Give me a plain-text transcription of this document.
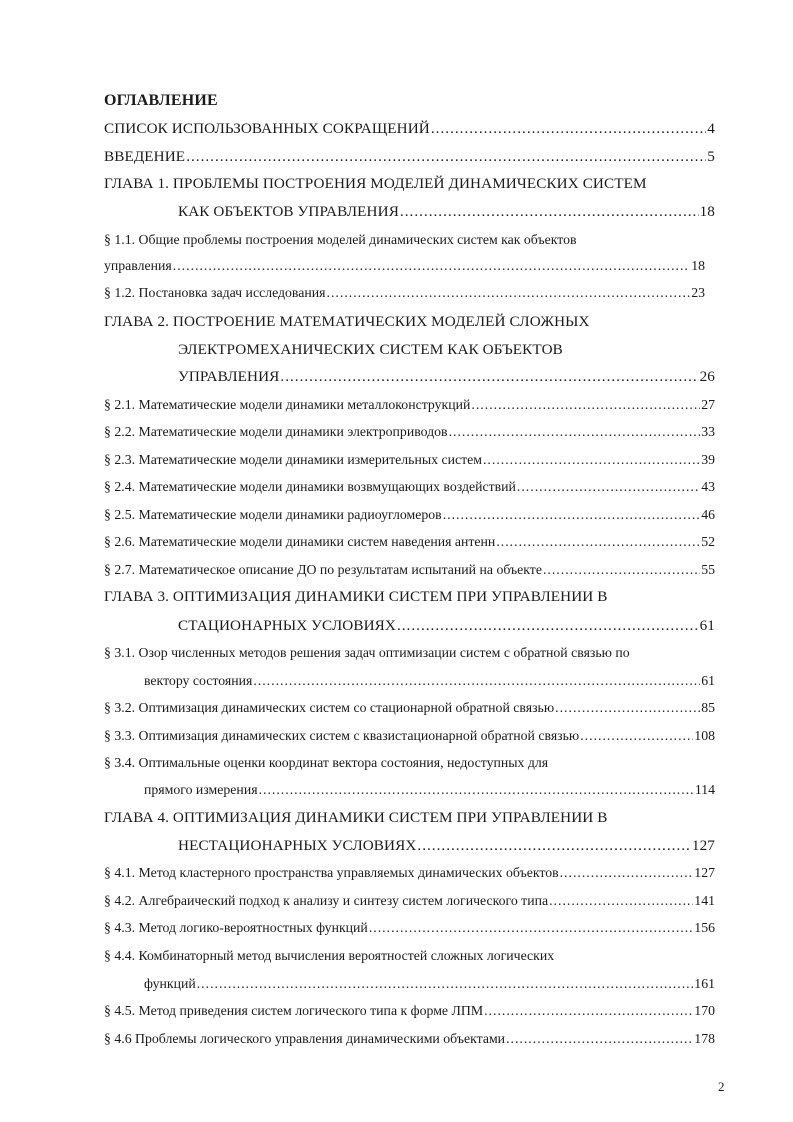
ОГЛАВЛЕНИЕ
СПИСОК ИСПОЛЬЗОВАННЫХ СОКРАЩЕНИЙ .....	4
ВВЕДЕНИЕ .....	5
ГЛАВА 1. ПРОБЛЕМЫ ПОСТРОЕНИЯ МОДЕЛЕЙ ДИНАМИЧЕСКИХ СИСТЕМ
КАК ОБЪЕКТОВ УПРАВЛЕНИЯ .....	18
§ 1.1. Общие проблемы построения моделей динамических систем как объектов
управления .....	18
§ 1.2. Постановка задач исследования .....	23
ГЛАВА 2. ПОСТРОЕНИЕ МАТЕМАТИЧЕСКИХ МОДЕЛЕЙ СЛОЖНЫХ
ЭЛЕКТРОМЕХАНИЧЕСКИХ СИСТЕМ КАК ОБЪЕКТОВ
УПРАВЛЕНИЯ .....	26
§ 2.1. Математические модели динамики металлоконструкций .....	27
§ 2.2. Математические модели динамики электроприводов .....	33
§ 2.3. Математические модели динамики измерительных систем .....	39
§ 2.4. Математические модели динамики возвмущающих воздействий .....	43
§ 2.5. Математические модели динамики радиоугломеров .....	46
§ 2.6. Математические модели динамики систем наведения антенн .....	52
§ 2.7. Математическое описание ДО по результатам испытаний на объекте .....	55
ГЛАВА 3. ОПТИМИЗАЦИЯ ДИНАМИКИ СИСТЕМ ПРИ УПРАВЛЕНИИ В
СТАЦИОНАРНЫХ УСЛОВИЯХ .....	61
§ 3.1. Озор численных методов решения задач оптимизации систем с обратной связью по
вектору состояния .....	61
§ 3.2. Оптимизация динамических систем со стационарной обратной связью .....	85
§ 3.3. Оптимизация динамических систем с квазистационарной обратной связью .....	108
§ 3.4. Оптимальные оценки координат вектора состояния, недоступных для
прямого измерения .....	114
ГЛАВА 4. ОПТИМИЗАЦИЯ ДИНАМИКИ СИСТЕМ ПРИ УПРАВЛЕНИИ В
НЕСТАЦИОНАРНЫХ УСЛОВИЯХ .....	127
§ 4.1. Метод кластерного пространства управляемых динамических объектов .....	127
§ 4.2. Алгебраический подход к анализу и синтезу систем логического типа .....	141
§ 4.3. Метод логико-вероятностных функций .....	156
§ 4.4. Комбинаторный метод вычисления вероятностей сложных логических
функций .....	161
§ 4.5. Метод приведения систем логического типа к форме ЛПМ .....	170
§ 4.6 Проблемы логического управления динамическими объектами .....	178
2
